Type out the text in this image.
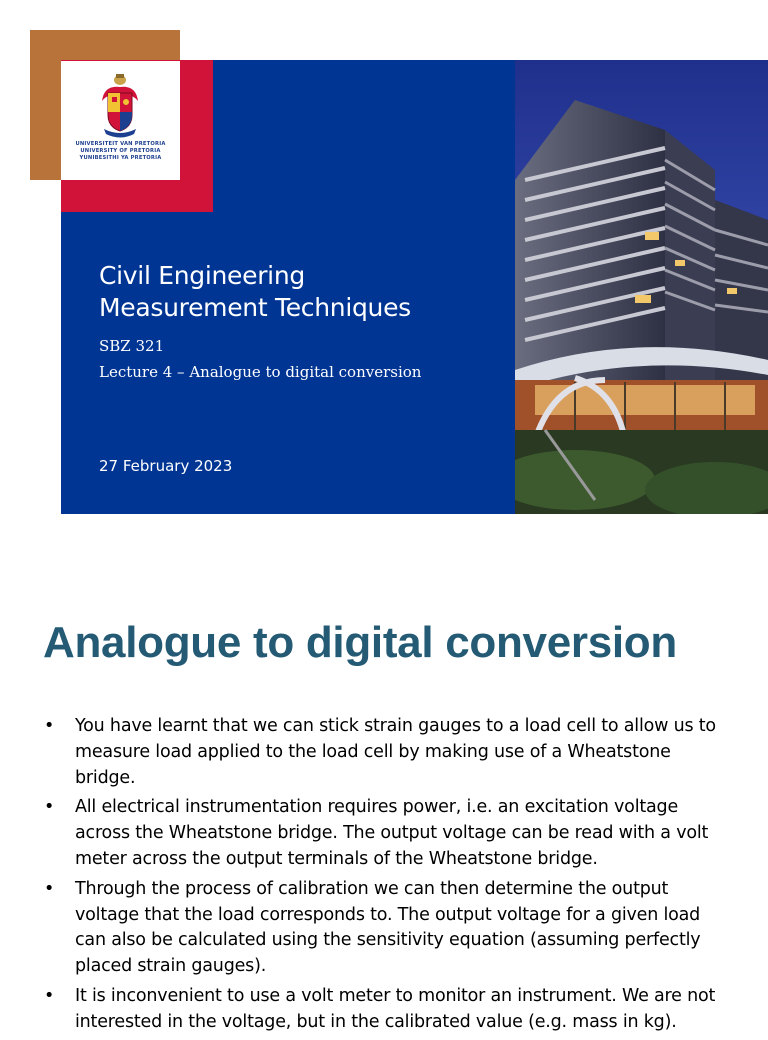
UNIVERSITEIT VAN PRETORIA
UNIVERSITY OF PRETORIA
YUNIBESITHI YA PRETORIA
Civil Engineering
Measurement Techniques
SBZ 321
Lecture 4 – Analogue to digital conversion
27 February 2023
Analogue to digital conversion
• You have learnt that we can stick strain gauges to a load cell to allow us to measure load applied to the load cell by making use of a Wheatstone bridge.
• All electrical instrumentation requires power, i.e. an excitation voltage across the Wheatstone bridge. The output voltage can be read with a volt meter across the output terminals of the Wheatstone bridge.
• Through the process of calibration we can then determine the output voltage that the load corresponds to. The output voltage for a given load can also be calculated using the sensitivity equation (assuming perfectly placed strain gauges).
• It is inconvenient to use a volt meter to monitor an instrument. We are not interested in the voltage, but in the calibrated value (e.g. mass in kg).
